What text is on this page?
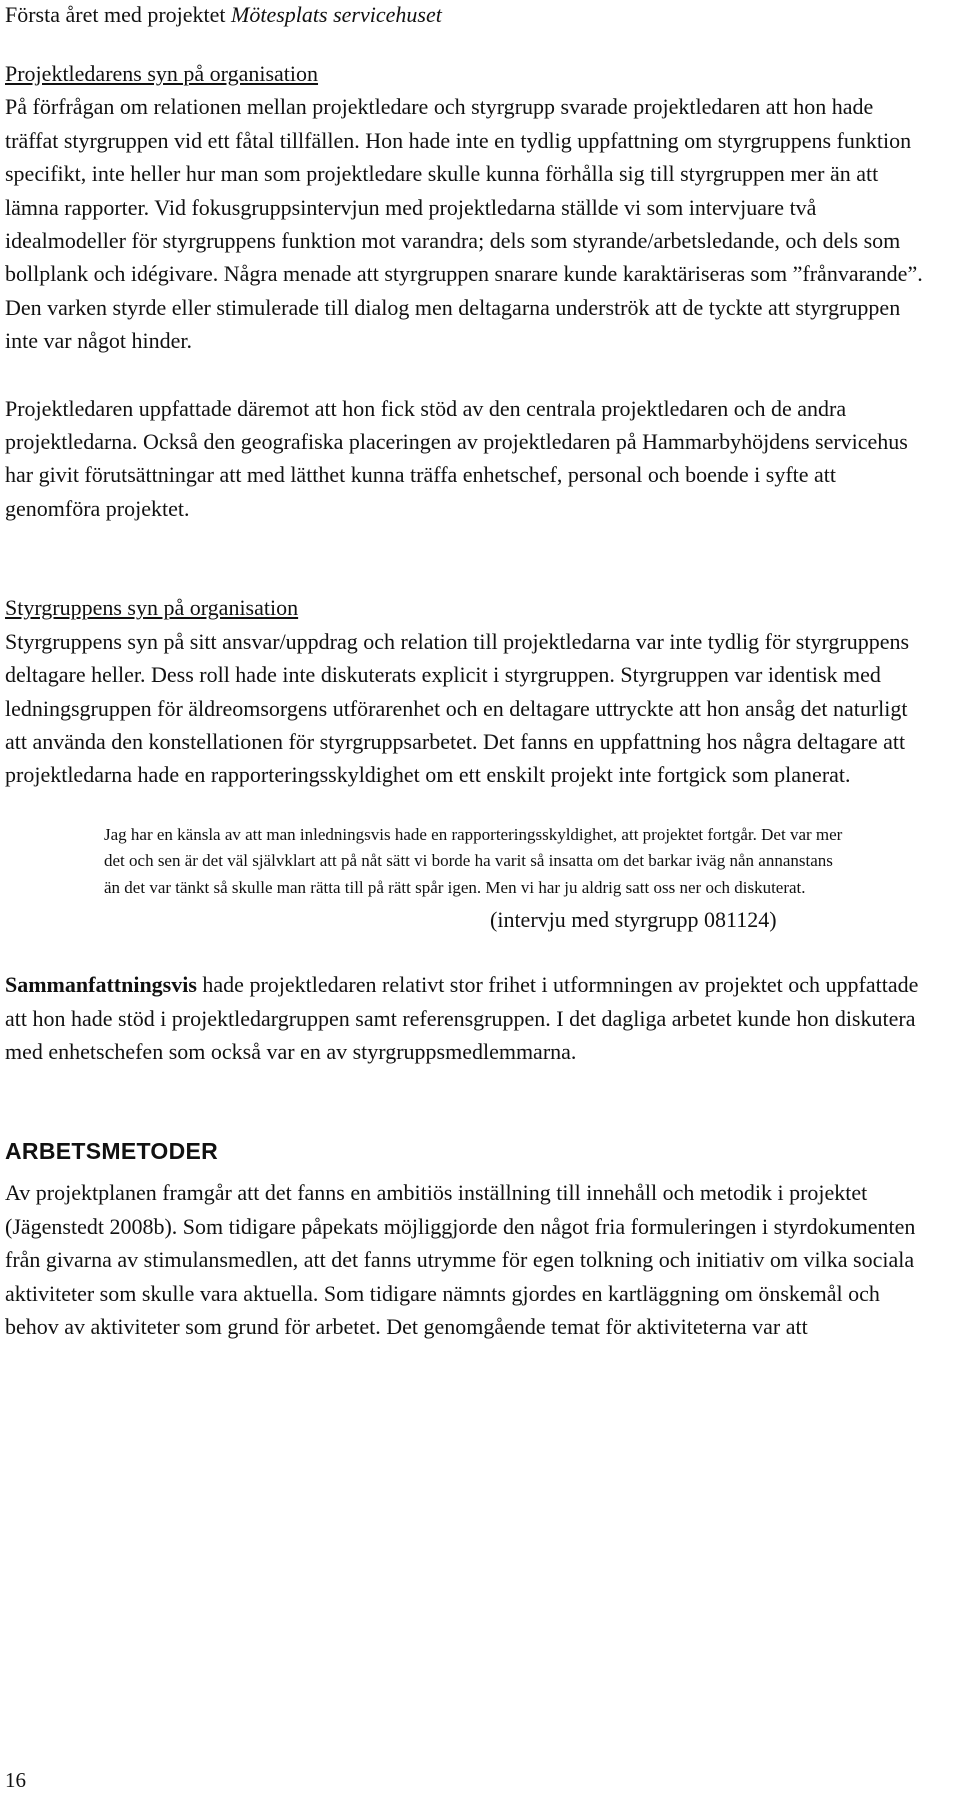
Första året med projektet Mötesplats servicehuset

Projektledarens syn på organisation

På förfrågan om relationen mellan projektledare och styrgrupp svarade projektledaren att hon hade träffat styrgruppen vid ett fåtal tillfällen. Hon hade inte en tydlig uppfattning om styrgruppens funktion specifikt, inte heller hur man som projektledare skulle kunna förhålla sig till styrgruppen mer än att lämna rapporter. Vid fokusgruppsintervjun med projektledarna ställde vi som intervjuare två idealmodeller för styrgruppens funktion mot varandra; dels som styrande/arbetsledande, och dels som bollplank och idégivare. Några menade att styrgruppen snarare kunde karaktäriseras som ”frånvarande”. Den varken styrde eller stimulerade till dialog men deltagarna underströk att de tyckte att styrgruppen inte var något hinder.

Projektledaren uppfattade däremot att hon fick stöd av den centrala projektledaren och de andra projektledarna. Också den geografiska placeringen av projektledaren på Hammarbyhöjdens servicehus har givit förutsättningar att med lätthet kunna träffa enhetschef, personal och boende i syfte att genomföra projektet.

Styrgruppens syn på organisation

Styrgruppens syn på sitt ansvar/uppdrag och relation till projektledarna var inte tydlig för styrgruppens deltagare heller. Dess roll hade inte diskuterats explicit i styrgruppen. Styrgruppen var identisk med ledningsgruppen för äldreomsorgens utförarenhet och en deltagare uttryckte att hon ansåg det naturligt att använda den konstellationen för styrgruppsarbetet. Det fanns en uppfattning hos några deltagare att projektledarna hade en rapporteringsskyldighet om ett enskilt projekt inte fortgick som planerat.

Jag har en känsla av att man inledningsvis hade en rapporteringsskyldighet, att projektet fortgår. Det var mer det och sen är det väl självklart att på nåt sätt vi borde ha varit så insatta om det barkar iväg nån annanstans än det var tänkt så skulle man rätta till på rätt spår igen. Men vi har ju aldrig satt oss ner och diskuterat.

(intervju med styrgrupp 081124)

Sammanfattningsvis hade projektledaren relativt stor frihet i utformningen av projektet och uppfattade att hon hade stöd i projektledargruppen samt referensgruppen. I det dagliga arbetet kunde hon diskutera med enhetschefen som också var en av styrgruppsmedlemmarna.

ARBETSMETODER

Av projektplanen framgår att det fanns en ambitiös inställning till innehåll och metodik i projektet (Jägenstedt 2008b). Som tidigare påpekats möjliggjorde den något fria formuleringen i styrdokumenten från givarna av stimulansmedlen, att det fanns utrymme för egen tolkning och initiativ om vilka sociala aktiviteter som skulle vara aktuella. Som tidigare nämnts gjordes en kartläggning om önskemål och behov av aktiviteter som grund för arbetet. Det genomgående temat för aktiviteterna var att

16
